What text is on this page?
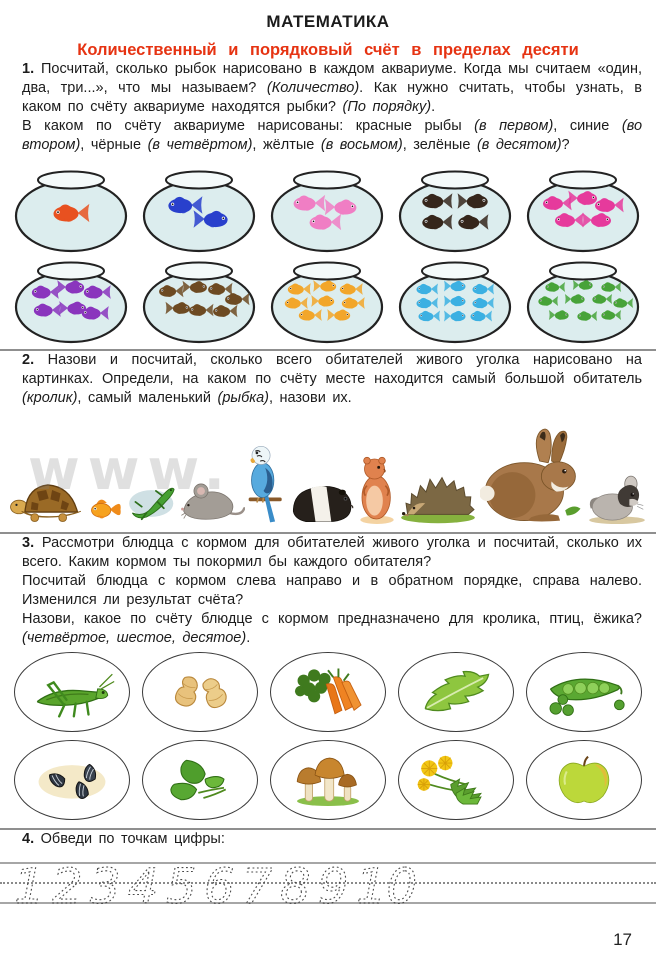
МАТЕМАТИКА
Количественный и порядковый счёт в пределах десяти

1. Посчитай, сколько рыбок нарисовано в каждом аквариуме. Когда мы считаем «один, два, три...», что мы называем? (Количество). Как нужно считать, чтобы узнать, в каком по счёту аквариуме находятся рыбки? (По порядку).

В каком по счёту аквариуме нарисованы: красные рыбы (в первом), синие (во втором), чёрные (в четвёртом), жёлтые (в восьмом), зелёные (в десятом)?

2. Назови и посчитай, сколько всего обитателей живого уголка нарисовано на картинках. Определи, на каком по счёту месте находится самый большой обитатель (кролик), самый маленький (рыбка), назови их.

www.

3. Рассмотри блюдца с кормом для обитателей живого уголка и посчитай, сколько их всего. Каким кормом ты покормил бы каждого обитателя?

Посчитай блюдца с кормом слева направо и в обратном порядке, справа налево. Изменился ли результат счёта?

Назови, какое по счёту блюдце с кормом предназначено для кролика, птиц, ёжика? (четвёртое, шестое, десятое).

4. Обведи по точкам цифры:

1 2 3 4 5 6 7 8 9 10
17
